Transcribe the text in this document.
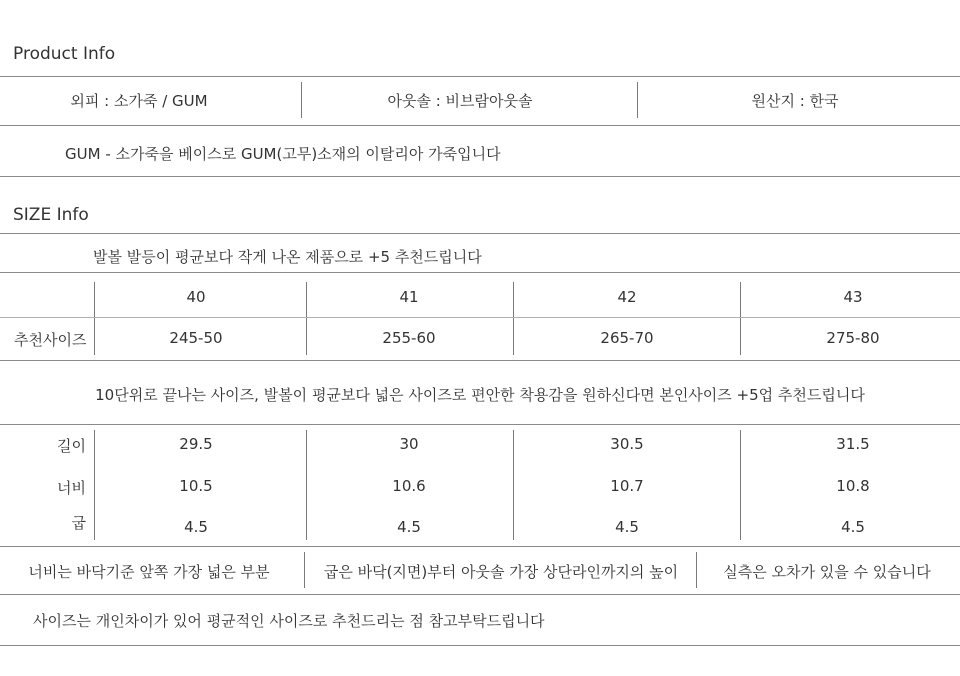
Product Info
외피 : 소가죽 / GUM	아웃솔 : 비브람아웃솔	원산지 : 한국
GUM - 소가죽을 베이스로 GUM(고무)소재의 이탈리아 가죽입니다
SIZE Info
발볼 발등이 평균보다 작게 나온 제품으로 +5 추천드립니다
40	41	42	43
추천사이즈	245-50	255-60	265-70	275-80
10단위로 끝나는 사이즈, 발볼이 평균보다 넓은 사이즈로 편안한 착용감을 원하신다면 본인사이즈 +5업 추천드립니다
길이	29.5	30	30.5	31.5
너비	10.5	10.6	10.7	10.8
굽	4.5	4.5	4.5	4.5
너비는 바닥기준 앞쪽 가장 넓은 부분	굽은 바닥(지면)부터 아웃솔 가장 상단라인까지의 높이	실측은 오차가 있을 수 있습니다
사이즈는 개인차이가 있어 평균적인 사이즈로 추천드리는 점 참고부탁드립니다
